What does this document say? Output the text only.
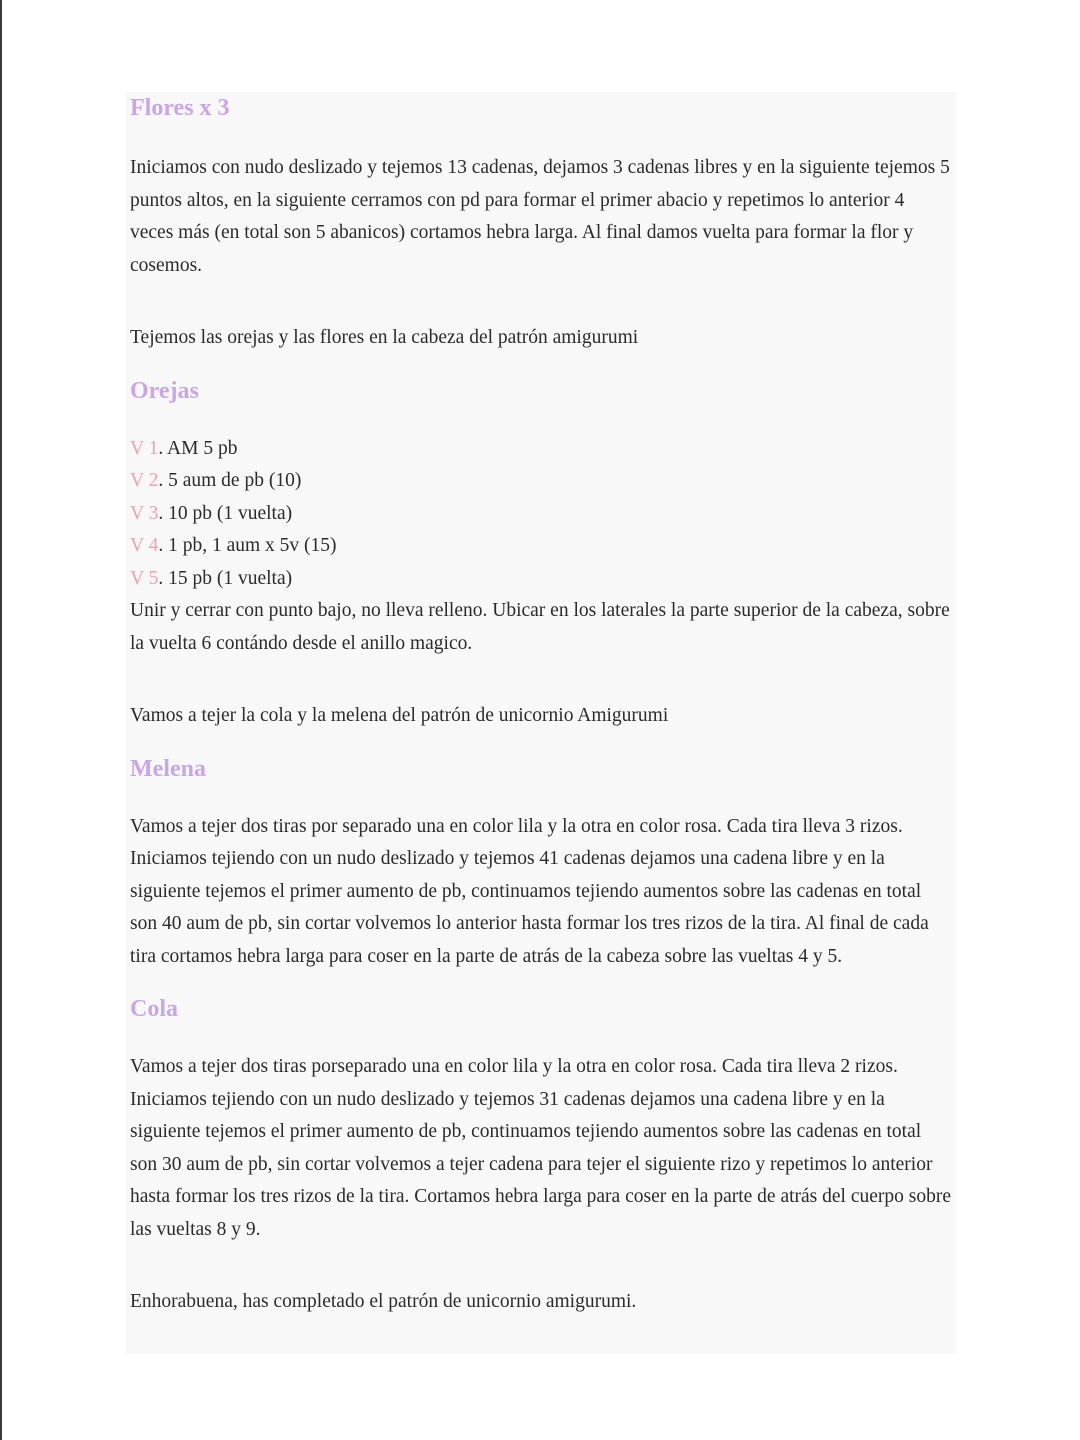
Flores x 3

Iniciamos con nudo deslizado y tejemos 13 cadenas, dejamos 3 cadenas libres y en la siguiente tejemos 5 puntos altos, en la siguiente cerramos con pd para formar el primer abacio y repetimos lo anterior 4 veces más (en total son 5 abanicos) cortamos hebra larga. Al final damos vuelta para formar la flor y cosemos.

Tejemos las orejas y las flores en la cabeza del patrón amigurumi

Orejas

V 1. AM 5 pb

V 2. 5 aum de pb (10)

V 3. 10 pb (1 vuelta)

V 4. 1 pb, 1 aum x 5v (15)

V 5. 15 pb (1 vuelta)

Unir y cerrar con punto bajo, no lleva relleno. Ubicar en los laterales la parte superior de la cabeza, sobre la vuelta 6 contándo desde el anillo magico.

Vamos a tejer la cola y la melena del patrón de unicornio Amigurumi

Melena

Vamos a tejer dos tiras por separado una en color lila y la otra en color rosa. Cada tira lleva 3 rizos. Iniciamos tejiendo con un nudo deslizado y tejemos 41 cadenas dejamos una cadena libre y en la siguiente tejemos el primer aumento de pb, continuamos tejiendo aumentos sobre las cadenas en total son 40 aum de pb, sin cortar volvemos lo anterior hasta formar los tres rizos de la tira. Al final de cada tira cortamos hebra larga para coser en la parte de atrás de la cabeza sobre las vueltas 4 y 5.

Cola

Vamos a tejer dos tiras porseparado una en color lila y la otra en color rosa. Cada tira lleva 2 rizos. Iniciamos tejiendo con un nudo deslizado y tejemos 31 cadenas dejamos una cadena libre y en la siguiente tejemos el primer aumento de pb, continuamos tejiendo aumentos sobre las cadenas en total son 30 aum de pb, sin cortar volvemos a tejer cadena para tejer el siguiente rizo y repetimos lo anterior hasta formar los tres rizos de la tira. Cortamos hebra larga para coser en la parte de atrás del cuerpo sobre las vueltas 8 y 9.

Enhorabuena, has completado el patrón de unicornio amigurumi.
